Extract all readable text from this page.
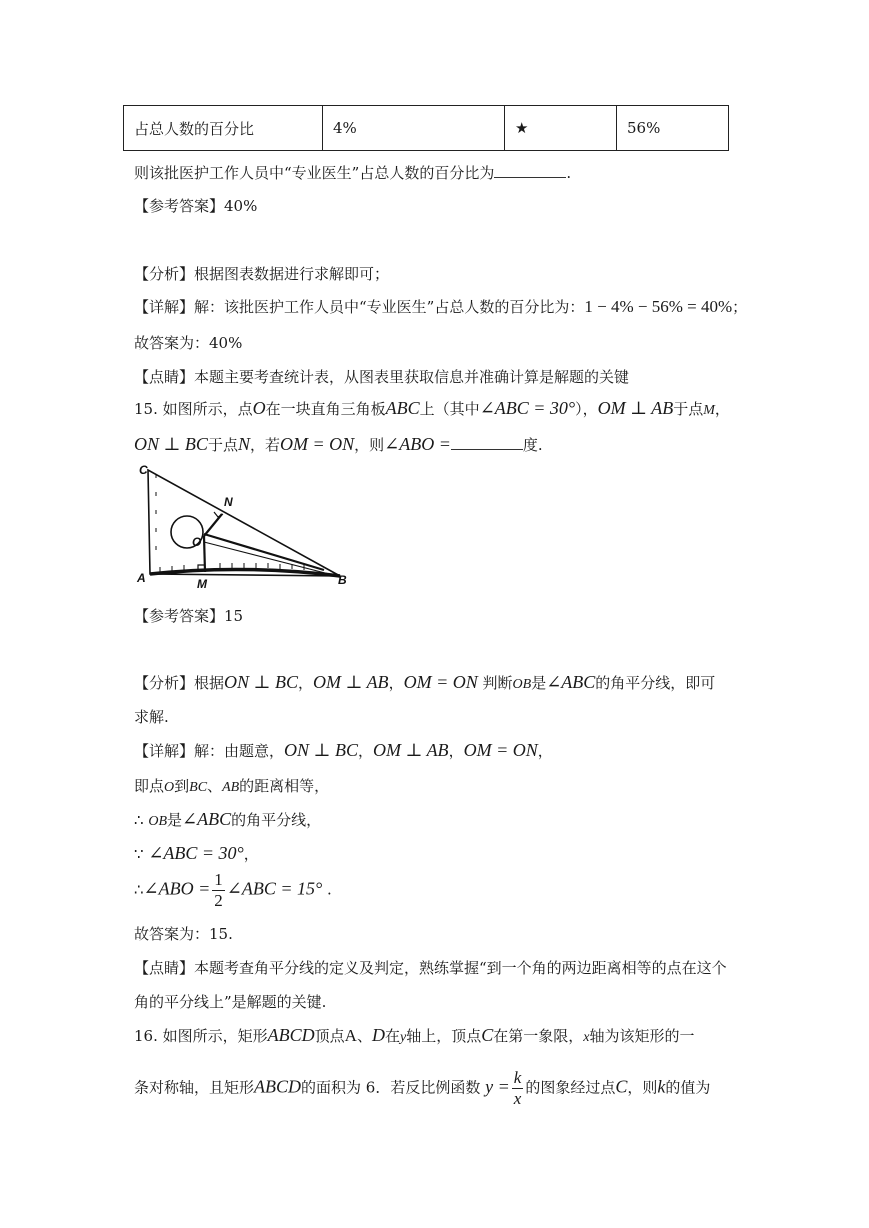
占总人数的百分比	4%	★	56%
则该批医护工作人员中“专业医生”占总人数的百分比为	.
【参考答案】40%
【分析】根据图表数据进行求解即可；
【详解】解：该批医护工作人员中“专业医生”占总人数的百分比为：1 − 4% − 56% = 40%；
故答案为：40%
【点睛】本题主要考查统计表，从图表里获取信息并准确计算是解题的关键
15. 如图所示，点O在一块直角三角板ABC上（其中∠ABC = 30°），OM ⊥ AB于点M，
ON ⊥ BC于点N，若OM = ON，则∠ABO =	度.
C
N
O
A	M	B
【参考答案】15
【分析】根据ON ⊥ BC，OM ⊥ AB，OM = ON 判断OB是∠ABC的角平分线，即可
求解.
【详解】解：由题意，ON ⊥ BC，OM ⊥ AB，OM = ON，
即点O到BC、AB的距离相等，
∴ OB是∠ABC的角平分线，
∵ ∠ABC = 30°，
∴∠ABO = $\frac{1}{2}$ ∠ABC = 15° .
故答案为：15.
【点睛】本题考查角平分线的定义及判定，熟练掌握“到一个角的两边距离相等的点在这个
角的平分线上”是解题的关键.
16. 如图所示，矩形ABCD顶点A、D在y轴上，顶点C在第一象限，x轴为该矩形的一
条对称轴，且矩形ABCD的面积为 6．若反比例函数 $y = \frac{k}{x}$ 的图象经过点C，则k的值为
